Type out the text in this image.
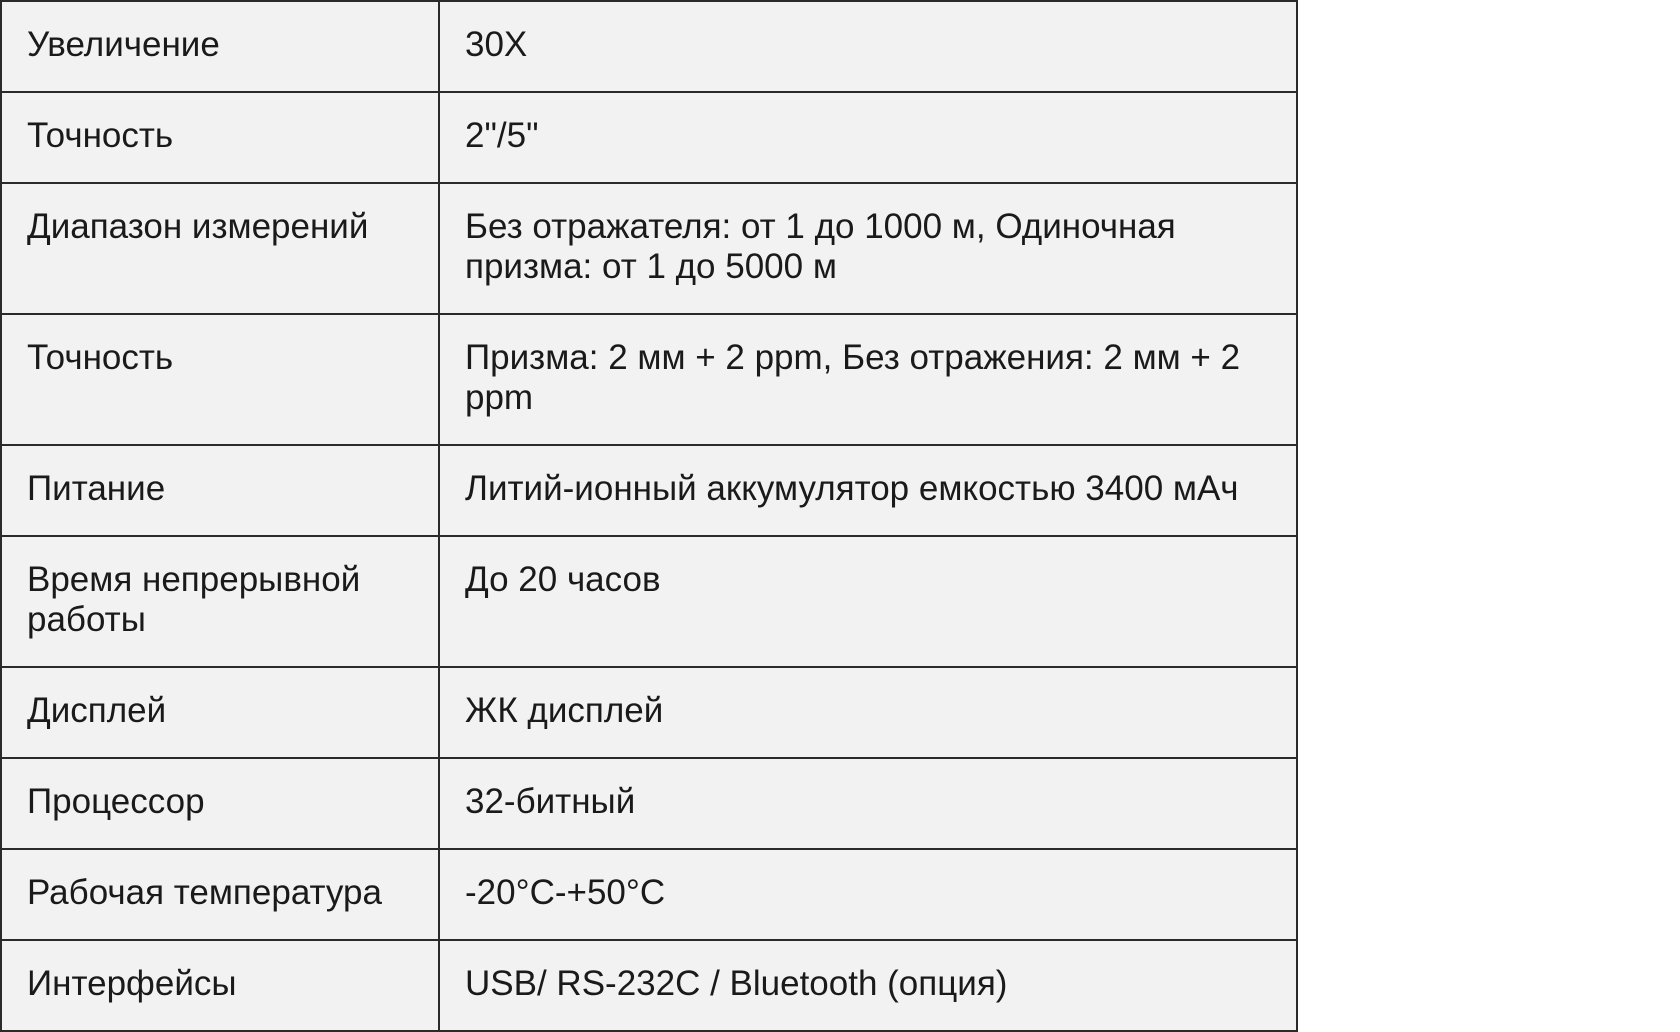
Увеличение	30X
Точность	2"/5"
Диапазон измерений	Без отражателя: от 1 до 1000 м, Одиночная призма: от 1 до 5000 м
Точность	Призма: 2 мм + 2 ppm, Без отражения: 2 мм + 2 ppm
Питание	Литий-ионный аккумулятор емкостью 3400 мАч
Время непрерывной работы	До 20 часов
Дисплей	ЖК дисплей
Процессор	32-битный
Рабочая температура	-20°C-+50°C
Интерфейсы	USB/ RS-232C / Bluetooth (опция)
